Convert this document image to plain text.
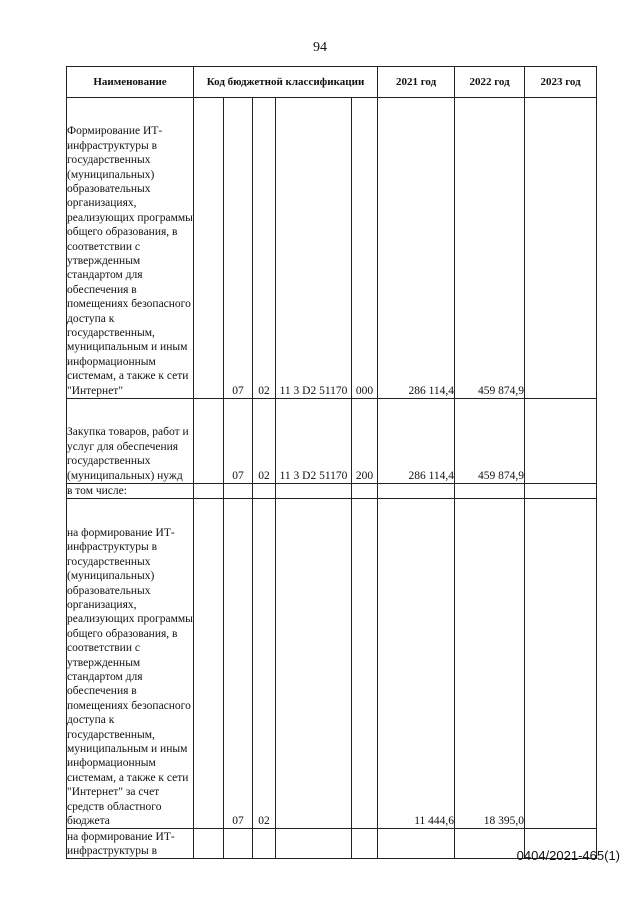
94
Наименование	Код бюджетной классификации					2021 год	2022 год	2023 год
Формирование ИТ-инфраструктуры в государственных (муниципальных) образовательных организациях, реализующих программы общего образования, в соответствии с утвержденным стандартом для обеспечения в помещениях безопасного доступа к государственным, муниципальным и иным информационным системам, а также к сети "Интернет"		07	02	11 3 D2 51170	000	286 114,4	459 874,9	
Закупка товаров, работ и услуг для обеспечения государственных (муниципальных) нужд		07	02	11 3 D2 51170	200	286 114,4	459 874,9	
в том числе:								
на формирование ИТ-инфраструктуры в государственных (муниципальных) образовательных организациях, реализующих программы общего образования, в соответствии с утвержденным стандартом для обеспечения в помещениях безопасного доступа к государственным, муниципальным и иным информационным системам, а также к сети "Интернет" за счет средств областного бюджета		07	02			11 444,6	18 395,0	
на формирование ИТ-инфраструктуры в									0404/2021-465(1)
